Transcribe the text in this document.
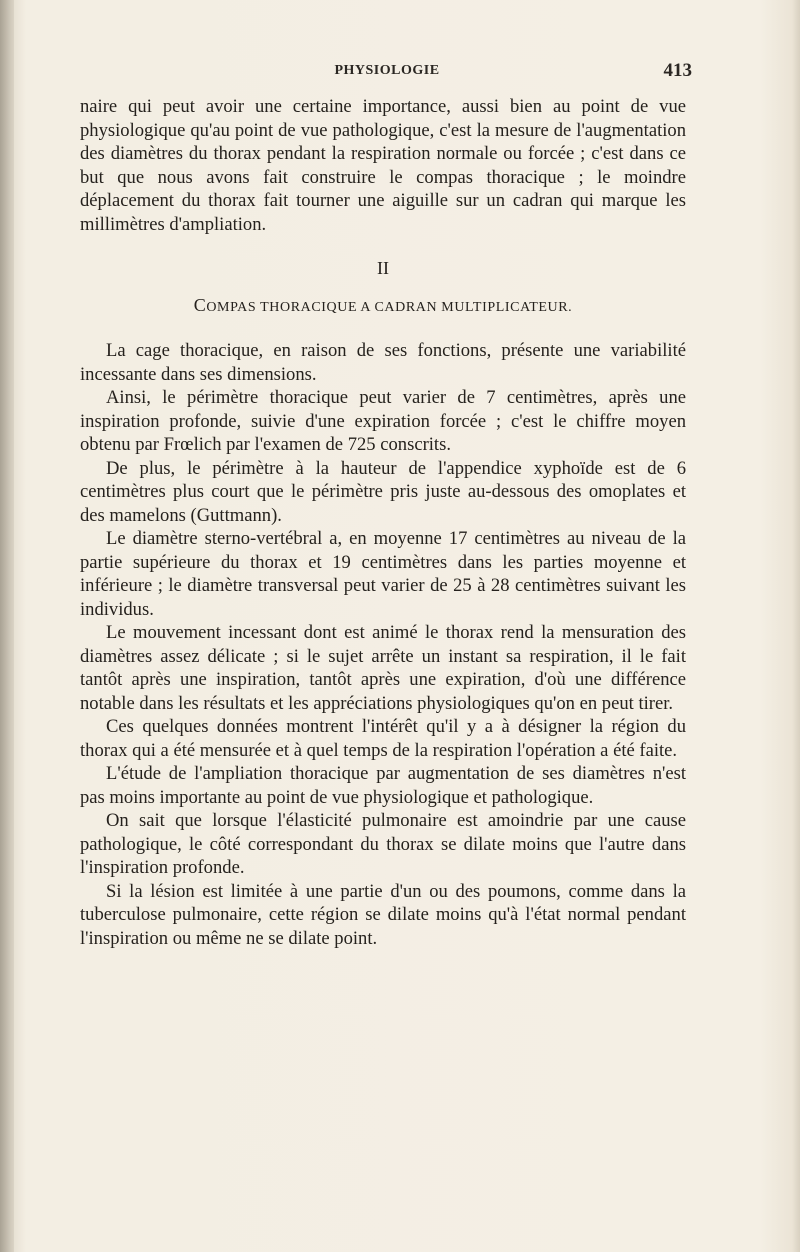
PHYSIOLOGIE	413

naire qui peut avoir une certaine importance, aussi bien au point de vue physiologique qu'au point de vue pathologique, c'est la mesure de l'augmentation des diamètres du thorax pendant la respiration normale ou forcée ; c'est dans ce but que nous avons fait construire le compas thoracique ; le moindre déplacement du thorax fait tourner une aiguille sur un cadran qui marque les millimètres d'ampliation.

II

COMPAS THORACIQUE A CADRAN MULTIPLICATEUR.

La cage thoracique, en raison de ses fonctions, présente une variabilité incessante dans ses dimensions.

Ainsi, le périmètre thoracique peut varier de 7 centimètres, après une inspiration profonde, suivie d'une expiration forcée ; c'est le chiffre moyen obtenu par Frœlich par l'examen de 725 conscrits.

De plus, le périmètre à la hauteur de l'appendice xyphoïde est de 6 centimètres plus court que le périmètre pris juste au-dessous des omoplates et des mamelons (Guttmann).

Le diamètre sterno-vertébral a, en moyenne 17 centimètres au niveau de la partie supérieure du thorax et 19 centimètres dans les parties moyenne et inférieure ; le diamètre transversal peut varier de 25 à 28 centimètres suivant les individus.

Le mouvement incessant dont est animé le thorax rend la mensuration des diamètres assez délicate ; si le sujet arrête un instant sa respiration, il le fait tantôt après une inspiration, tantôt après une expiration, d'où une différence notable dans les résultats et les appréciations physiologiques qu'on en peut tirer.

Ces quelques données montrent l'intérêt qu'il y a à désigner la région du thorax qui a été mensurée et à quel temps de la respiration l'opération a été faite.

L'étude de l'ampliation thoracique par augmentation de ses diamètres n'est pas moins importante au point de vue physiologique et pathologique.

On sait que lorsque l'élasticité pulmonaire est amoindrie par une cause pathologique, le côté correspondant du thorax se dilate moins que l'autre dans l'inspiration profonde.

Si la lésion est limitée à une partie d'un ou des poumons, comme dans la tuberculose pulmonaire, cette région se dilate moins qu'à l'état normal pendant l'inspiration ou même ne se dilate point.
